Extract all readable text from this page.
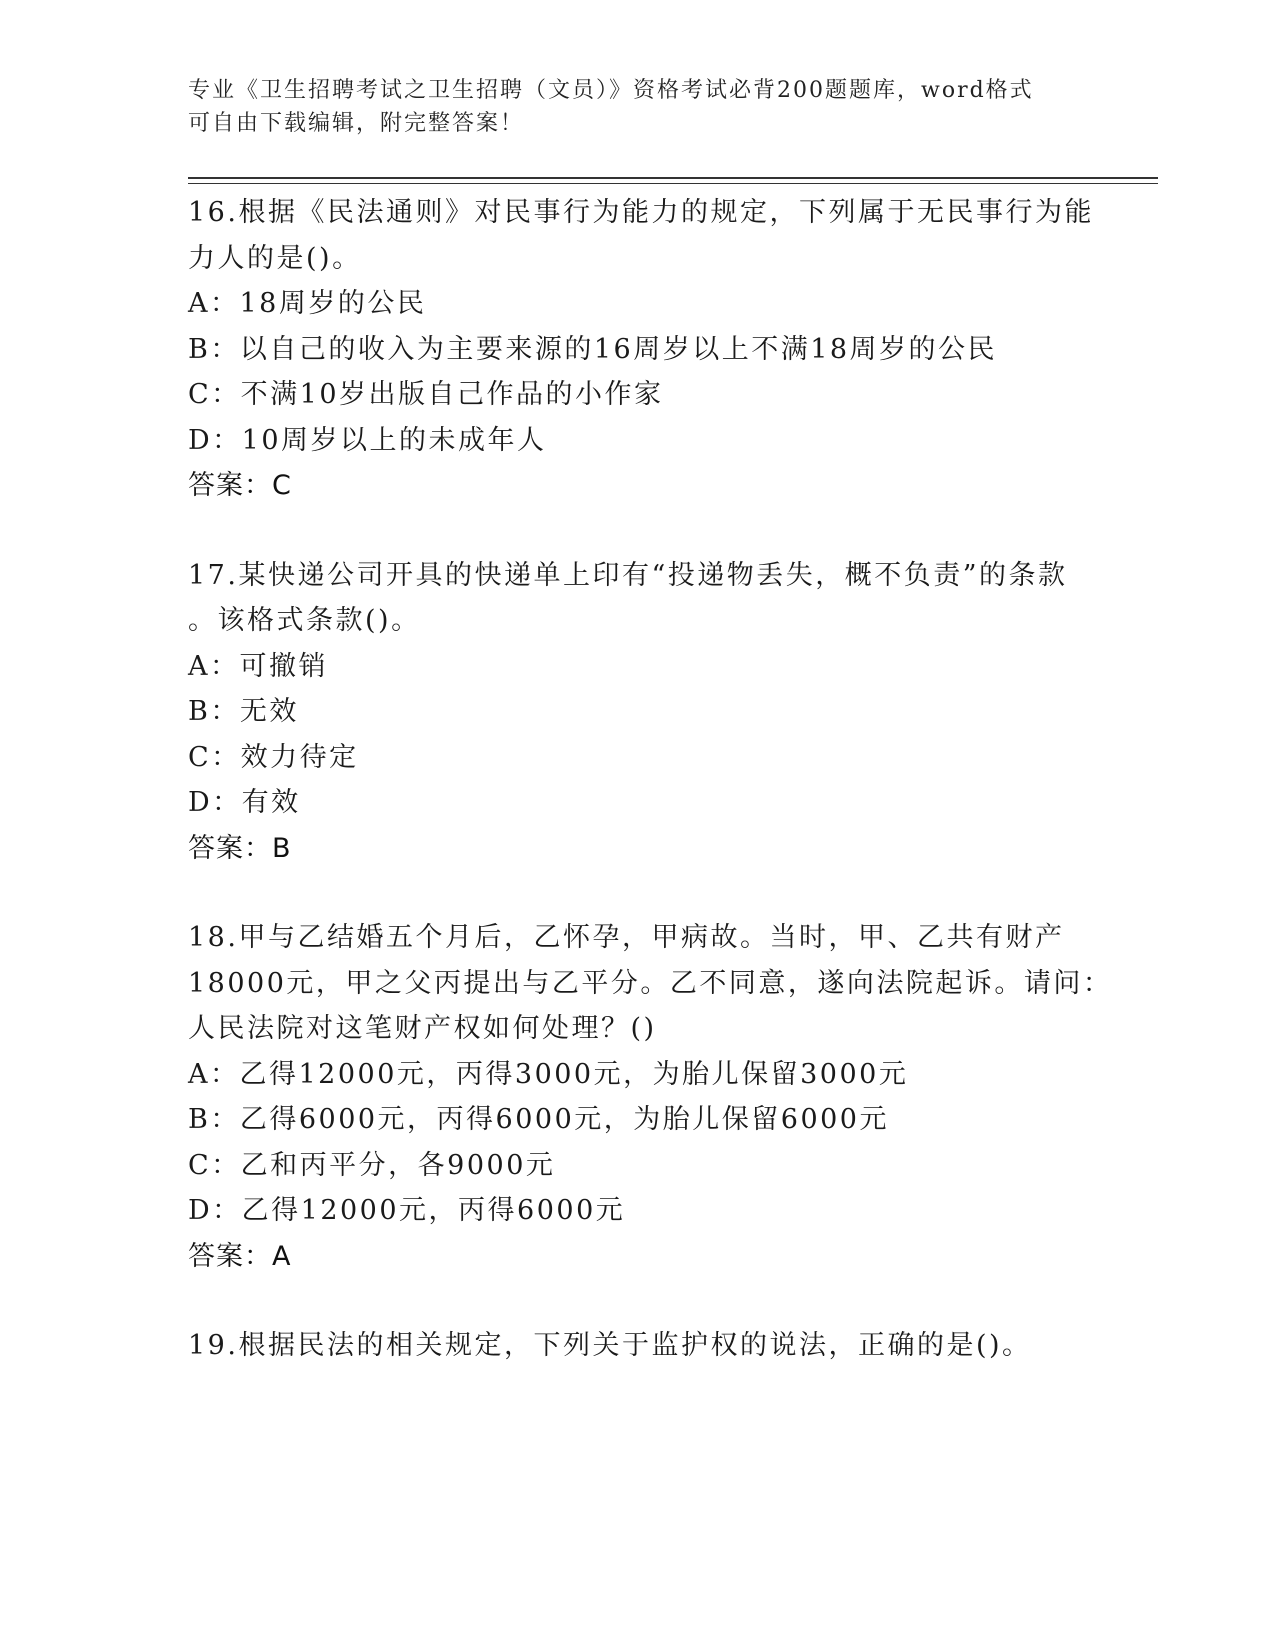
专业《卫生招聘考试之卫生招聘（文员）》资格考试必背200题题库，word格式
可自由下载编辑，附完整答案！
16.根据《民法通则》对民事行为能力的规定，下列属于无民事行为能
力人的是()。
A：18周岁的公民
B：以自己的收入为主要来源的16周岁以上不满18周岁的公民
C：不满10岁出版自己作品的小作家
D：10周岁以上的未成年人
答案：C
17.某快递公司开具的快递单上印有“投递物丢失，概不负责”的条款
。该格式条款()。
A：可撤销
B：无效
C：效力待定
D：有效
答案：B
18.甲与乙结婚五个月后，乙怀孕，甲病故。当时，甲、乙共有财产
18000元，甲之父丙提出与乙平分。乙不同意，遂向法院起诉。请问：
人民法院对这笔财产权如何处理？()
A：乙得12000元，丙得3000元，为胎儿保留3000元
B：乙得6000元，丙得6000元，为胎儿保留6000元
C：乙和丙平分，各9000元
D：乙得12000元，丙得6000元
答案：A
19.根据民法的相关规定，下列关于监护权的说法，正确的是()。
